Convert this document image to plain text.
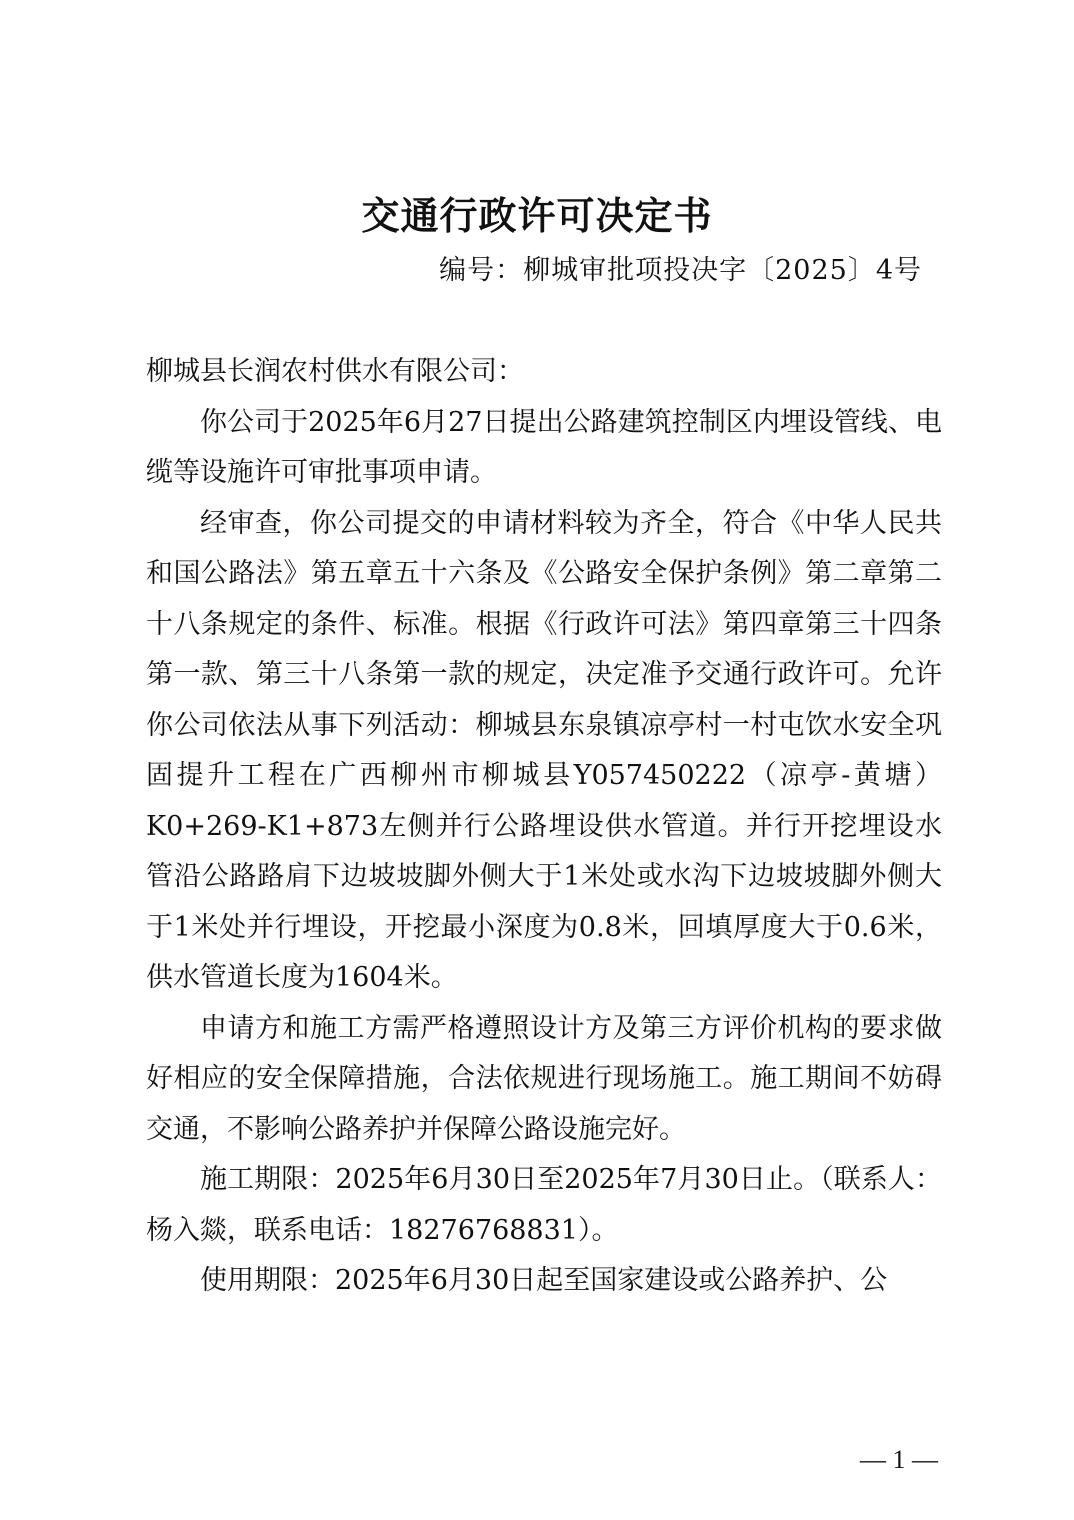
交通行政许可决定书
编号：柳城审批项投决字〔2025〕4号

柳城县长润农村供水有限公司：

你公司于2025年6月27日提出公路建筑控制区内埋设管线、电缆等设施许可审批事项申请。

经审查，你公司提交的申请材料较为齐全，符合《中华人民共和国公路法》第五章五十六条及《公路安全保护条例》第二章第二十八条规定的条件、标准。根据《行政许可法》第四章第三十四条第一款、第三十八条第一款的规定，决定准予交通行政许可。允许你公司依法从事下列活动：柳城县东泉镇凉亭村一村屯饮水安全巩固提升工程在广西柳州市柳城县Y057450222（凉亭-黄塘）K0+269-K1+873左侧并行公路埋设供水管道。并行开挖埋设水管沿公路路肩下边坡坡脚外侧大于1米处或水沟下边坡坡脚外侧大于1米处并行埋设，开挖最小深度为0.8米，回填厚度大于0.6米，供水管道长度为1604米。

申请方和施工方需严格遵照设计方及第三方评价机构的要求做好相应的安全保障措施，合法依规进行现场施工。施工期间不妨碍交通，不影响公路养护并保障公路设施完好。

施工期限：2025年6月30日至2025年7月30日止。（联系人：杨入燚，联系电话：18276768831）。

使用期限：2025年6月30日起至国家建设或公路养护、公

— 1 —
